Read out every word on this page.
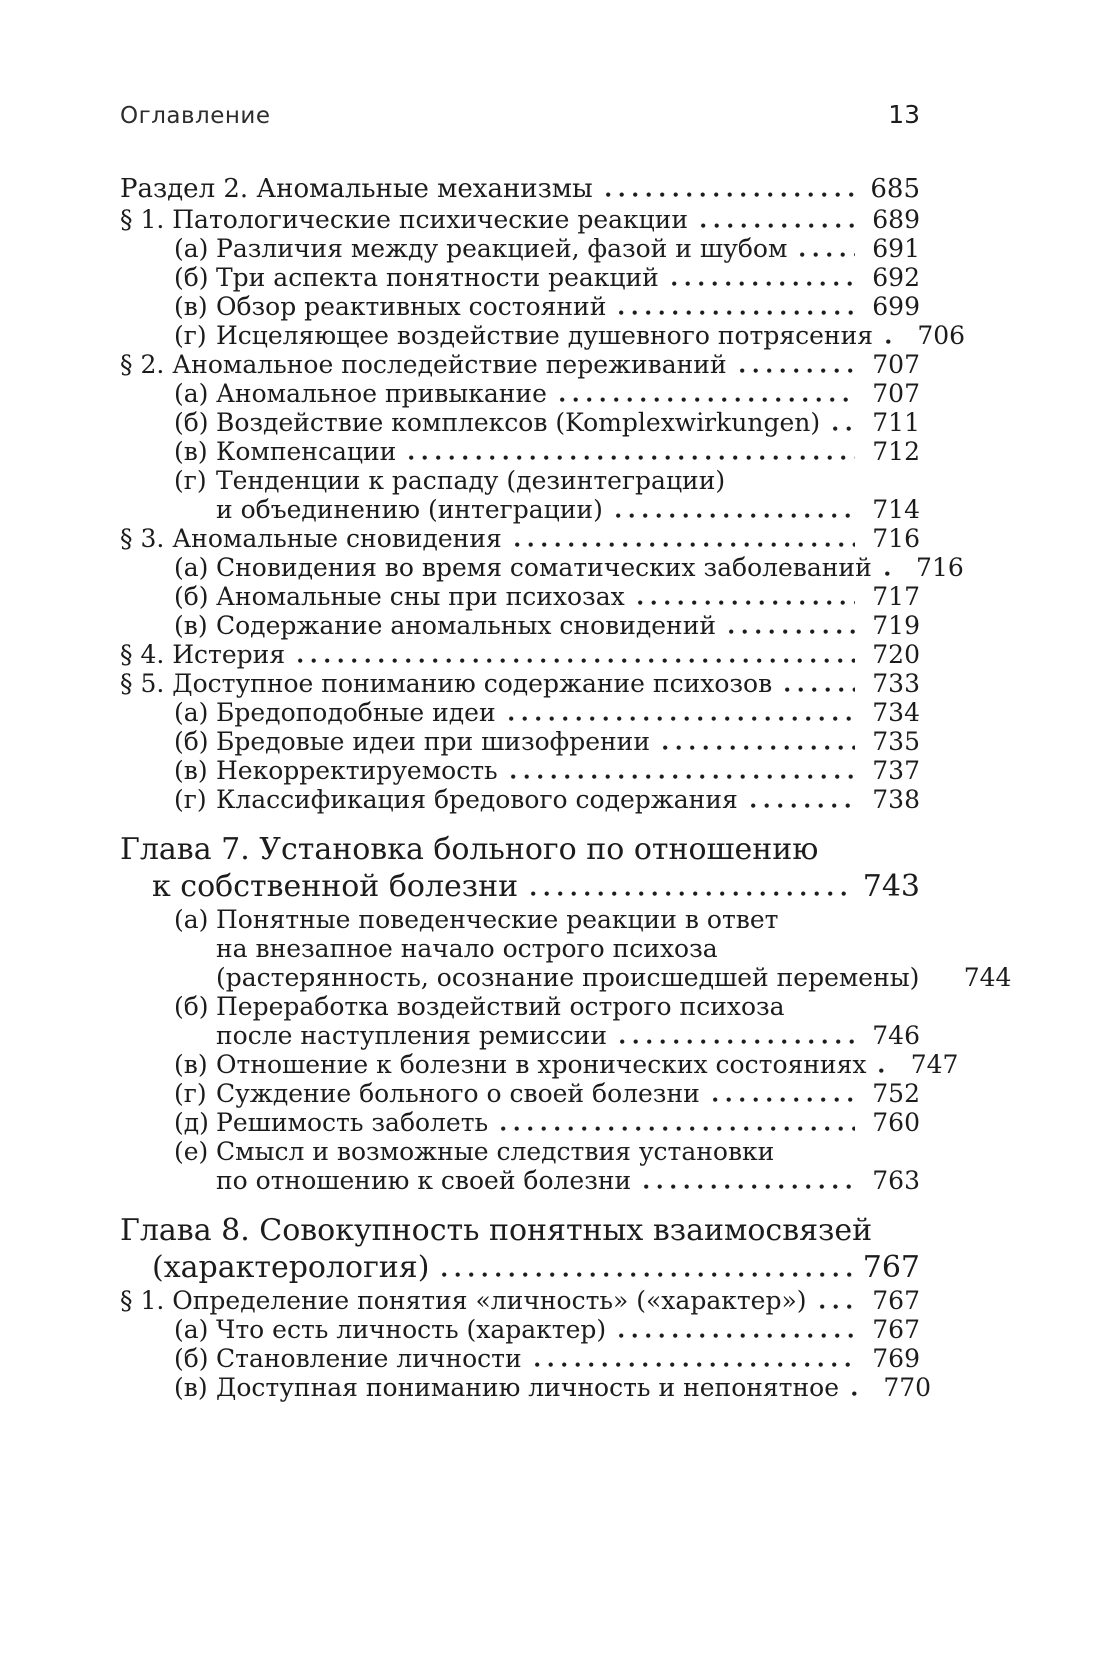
Оглавление	13
Раздел 2. Аномальные механизмы	685
§ 1. Патологические психические реакции	689
(а) Различия между реакцией, фазой и шубом	691
(б) Три аспекта понятности реакций	692
(в) Обзор реактивных состояний	699
(г) Исцеляющее воздействие душевного потрясения	706
§ 2. Аномальное последействие переживаний	707
(а) Аномальное привыкание	707
(б) Воздействие комплексов (Komplexwirkungen)	711
(в) Компенсации	712
(г) Тенденции к распаду (дезинтеграции)
и объединению (интеграции)	714
§ 3. Аномальные сновидения	716
(а) Сновидения во время соматических заболеваний	716
(б) Аномальные сны при психозах	717
(в) Содержание аномальных сновидений	719
§ 4. Истерия	720
§ 5. Доступное пониманию содержание психозов	733
(а) Бредоподобные идеи	734
(б) Бредовые идеи при шизофрении	735
(в) Некорректируемость	737
(г) Классификация бредового содержания	738
Глава 7. Установка больного по отношению
к собственной болезни	743
(а) Понятные поведенческие реакции в ответ
на внезапное начало острого психоза
(растерянность, осознание происшедшей перемены)	744
(б) Переработка воздействий острого психоза
после наступления ремиссии	746
(в) Отношение к болезни в хронических состояниях	747
(г) Суждение больного о своей болезни	752
(д) Решимость заболеть	760
(е) Смысл и возможные следствия установки
по отношению к своей болезни	763
Глава 8. Совокупность понятных взаимосвязей
(характерология)	767
§ 1. Определение понятия «личность» («характер»)	767
(а) Что есть личность (характер)	767
(б) Становление личности	769
(в) Доступная пониманию личность и непонятное	770
